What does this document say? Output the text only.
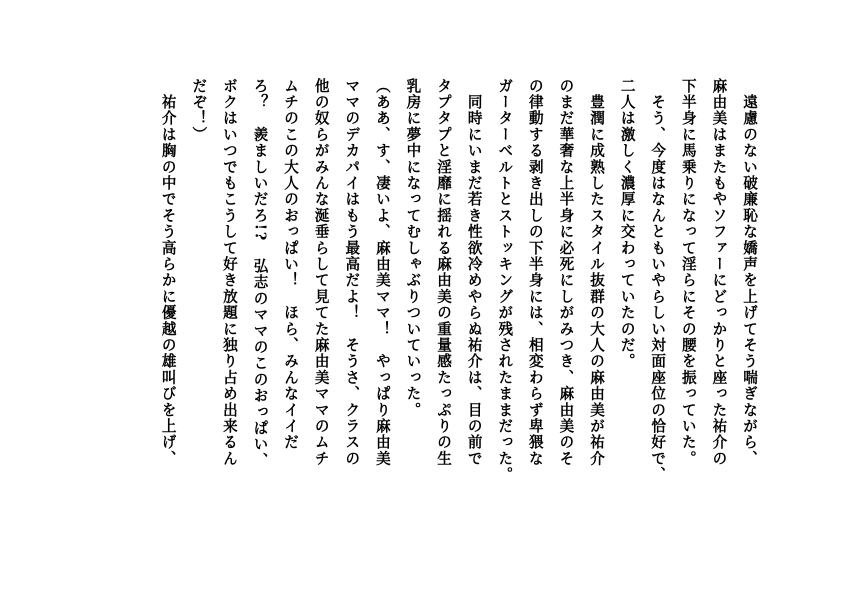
　遠慮のない破廉恥な嬌声を上げてそう喘ぎながら、
麻由美はまたもやソファーにどっかりと座った祐介の
下半身に馬乗りになって淫らにその腰を振っていた。
　そう、今度はなんともいやらしい対面座位の恰好で、
二人は激しく濃厚に交わっていたのだ。
　豊潤に成熟したスタイル抜群の大人の麻由美が祐介
のまだ華奢な上半身に必死にしがみつき、麻由美のそ
の律動する剥き出しの下半身には、相変わらず卑猥な
ガーターベルトとストッキングが残されたままだった。
　同時にいまだ若き性欲冷めやらぬ祐介は、目の前で
タプタプと淫靡に揺れる麻由美の重量感たっぷりの生
乳房に夢中になってむしゃぶりついていった。
（ああ、す、凄いよ、麻由美ママ！　やっぱり麻由美
ママのデカパイはもう最高だよ！　そうさ、クラスの
他の奴らがみんな涎垂らして見てた麻由美ママのムチ
ムチのこの大人のおっぱい！　ほら、みんなイイだ
ろ？　羨ましいだろ!?　弘志のママのこのおっぱい、
ボクはいつでもこうして好き放題に独り占め出来るん
だぞ！）
　祐介は胸の中でそう高らかに優越の雄叫びを上げ、
